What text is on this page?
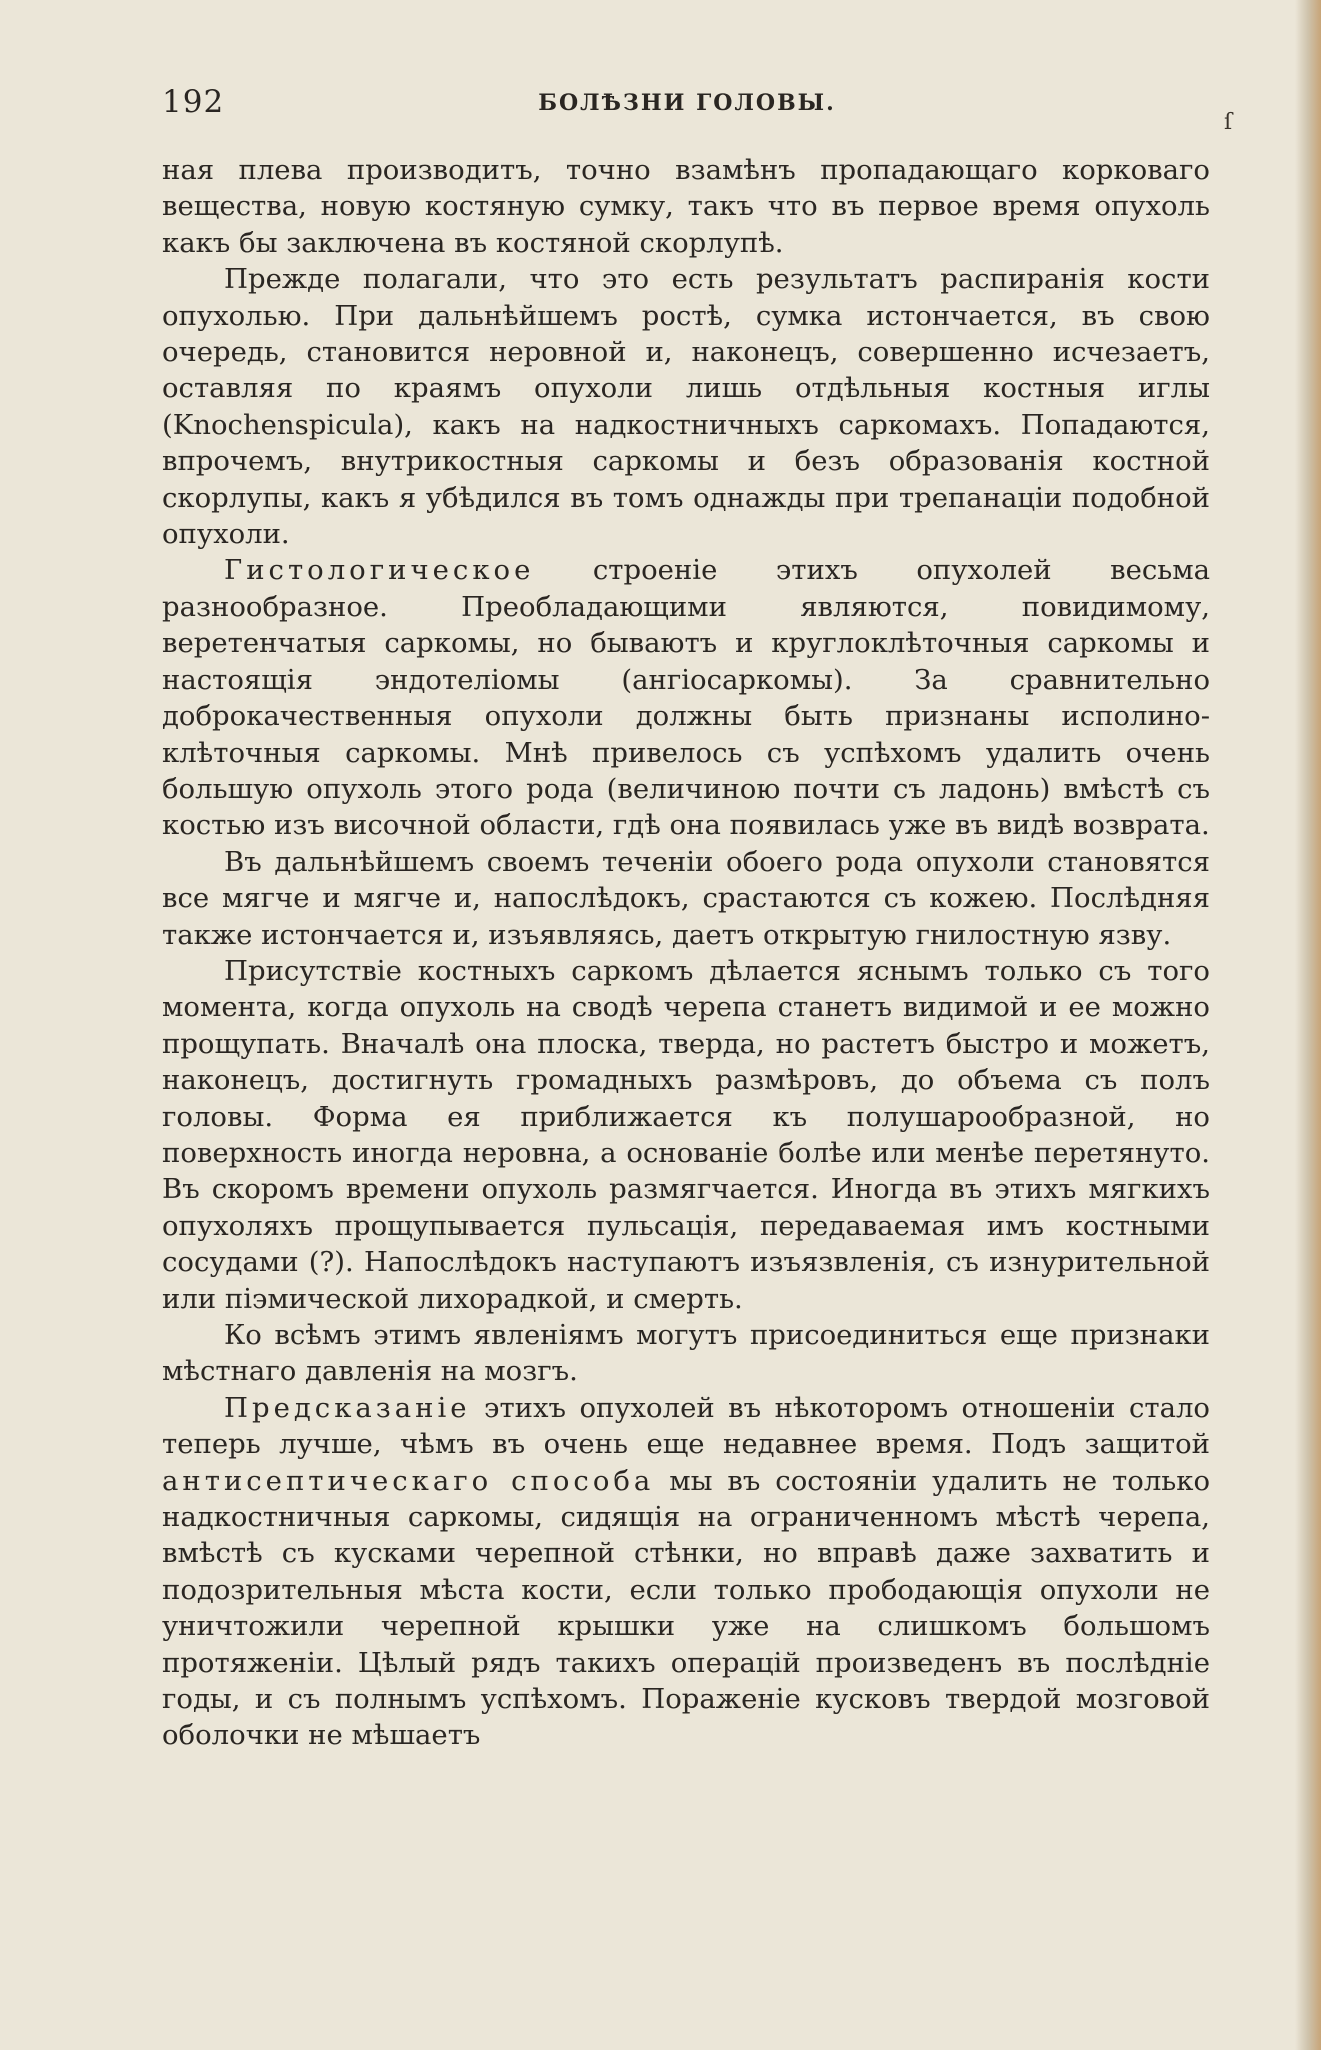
192	БОЛѢЗНИ ГОЛОВЫ.
ſ

ная плева производитъ, точно взамѣнъ пропадающаго корковаго вещества, новую костяную сумку, такъ что въ первое время опухоль какъ бы заключена въ костяной скорлупѣ.

Прежде полагали, что это есть результатъ распиранія кости опухолью. При дальнѣйшемъ ростѣ, сумка истончается, въ свою очередь, становится неровной и, наконецъ, совершенно исчезаетъ, оставляя по краямъ опухоли лишь отдѣльныя костныя иглы (Knochenspicula), какъ на надкостничныхъ саркомахъ. Попадаются, впрочемъ, внутрикостныя саркомы и безъ образованія костной скорлупы, какъ я убѣдился въ томъ однажды при трепанаціи подобной опухоли.

Гистологическое строеніе этихъ опухолей весьма разнообразное. Преобладающими являются, повидимому, веретенчатыя саркомы, но бываютъ и круглоклѣточныя саркомы и настоящія эндотеліомы (ангіосаркомы). За сравнительно доброкачественныя опухоли должны быть признаны исполино-клѣточныя саркомы. Мнѣ привелось съ успѣхомъ удалить очень большую опухоль этого рода (величиною почти съ ладонь) вмѣстѣ съ костью изъ височной области, гдѣ она появилась уже въ видѣ возврата.

Въ дальнѣйшемъ своемъ теченіи обоего рода опухоли становятся все мягче и мягче и, напослѣдокъ, срастаются съ кожею. Послѣдняя также истончается и, изъявляясь, даетъ открытую гнилостную язву.

Присутствіе костныхъ саркомъ дѣлается яснымъ только съ того момента, когда опухоль на сводѣ черепа станетъ видимой и ее можно прощупать. Вначалѣ она плоска, тверда, но растетъ быстро и можетъ, наконецъ, достигнуть громадныхъ размѣровъ, до объема съ полъ головы. Форма ея приближается къ полушарообразной, но поверхность иногда неровна, а основаніе болѣе или менѣе перетянуто. Въ скоромъ времени опухоль размягчается. Иногда въ этихъ мягкихъ опухоляхъ прощупывается пульсація, передаваемая имъ костными сосудами (?). Напослѣдокъ наступаютъ изъязвленія, съ изнурительной или піэмической лихорадкой, и смерть.

Ко всѣмъ этимъ явленіямъ могутъ присоединиться еще признаки мѣстнаго давленія на мозгъ.

Предсказаніе этихъ опухолей въ нѣкоторомъ отношеніи стало теперь лучше, чѣмъ въ очень еще недавнее время. Подъ защитой антисептическаго способа мы въ состояніи удалить не только надкостничныя саркомы, сидящія на ограниченномъ мѣстѣ черепа, вмѣстѣ съ кусками черепной стѣнки, но вправѣ даже захватить и подозрительныя мѣста кости, если только прободающія опухоли не уничтожили черепной крышки уже на слишкомъ большомъ протяженіи. Цѣлый рядъ такихъ операцій произведенъ въ послѣдніе годы, и съ полнымъ успѣхомъ. Пораженіе кусковъ твердой мозговой оболочки не мѣшаетъ
